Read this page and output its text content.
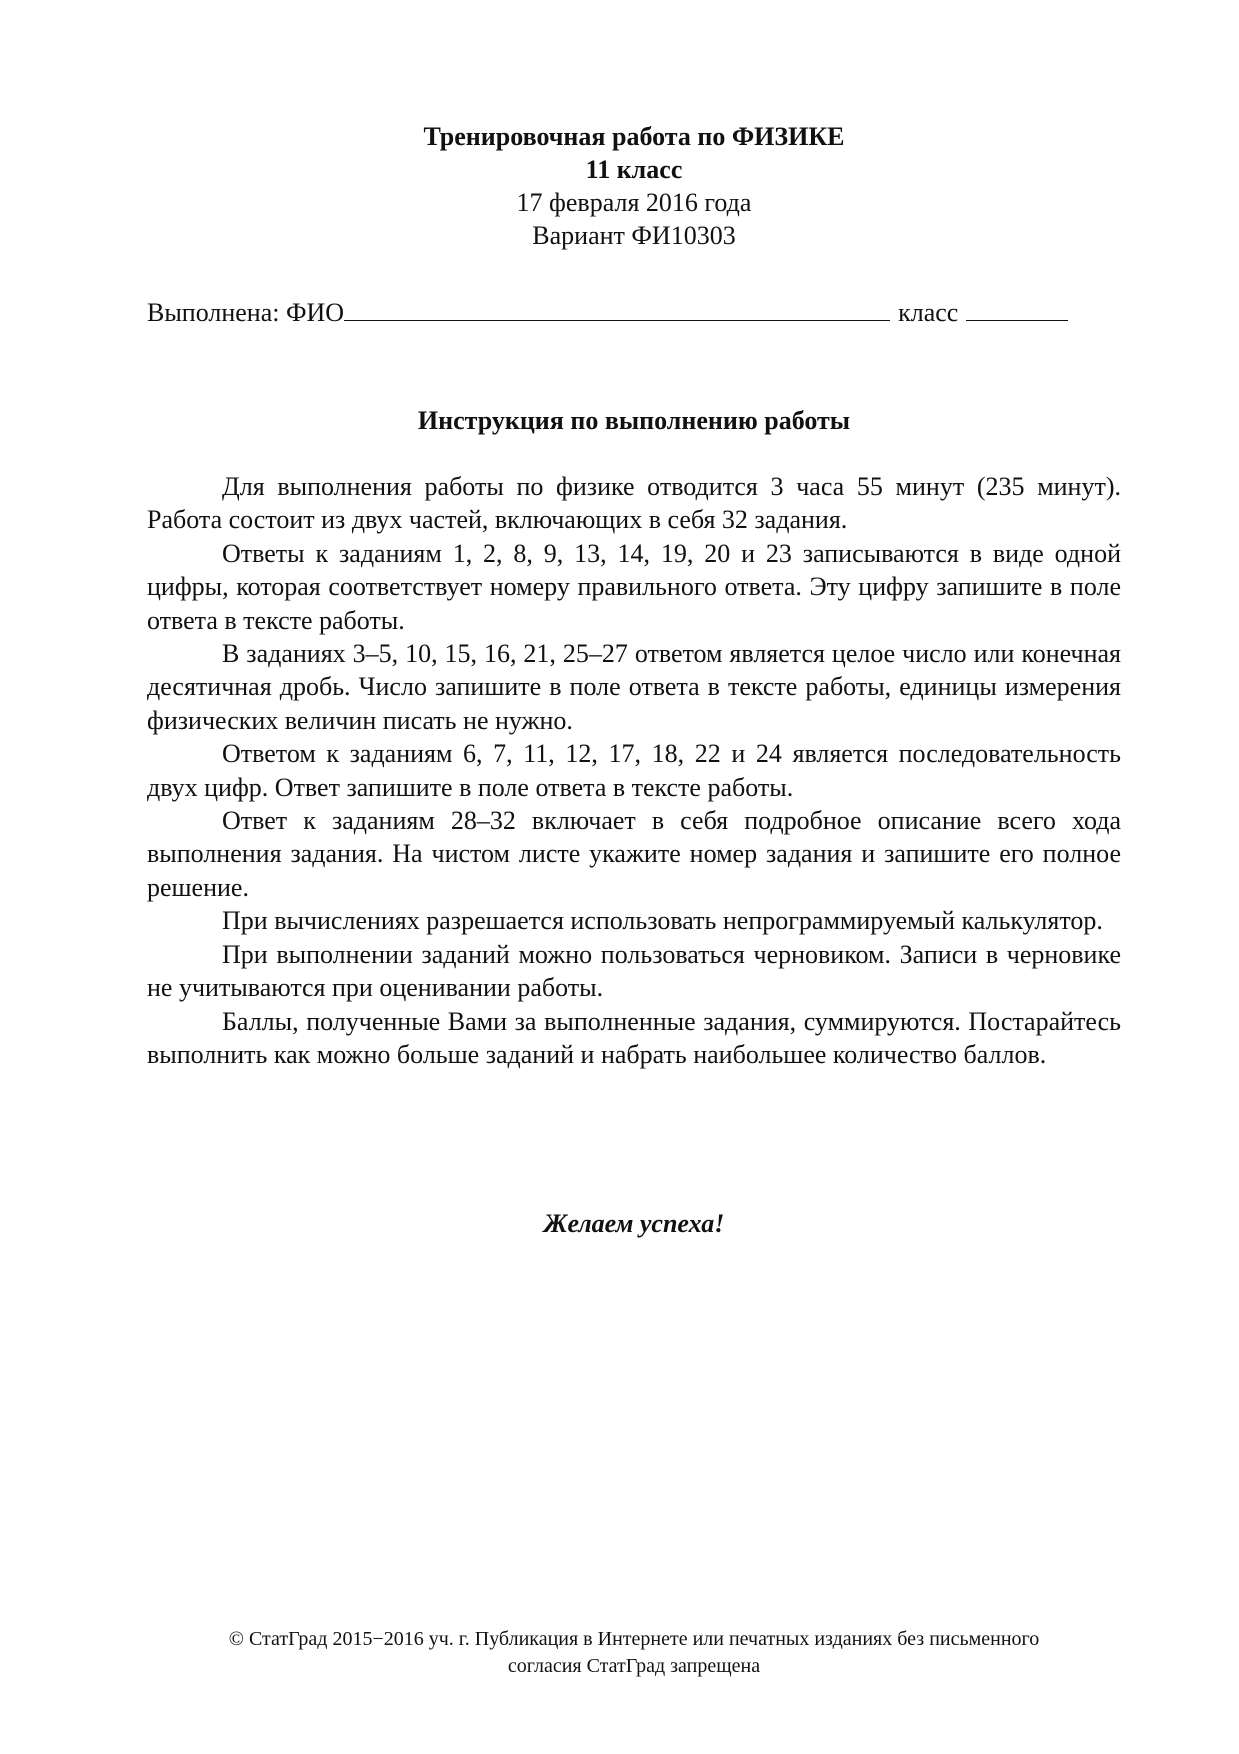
Тренировочная работа по ФИЗИКЕ
11 класс
17 февраля 2016 года
Вариант ФИ10303
Выполнена: ФИО	класс
Инструкция по выполнению работы

Для выполнения работы по физике отводится 3 часа 55 минут (235 минут). Работа состоит из двух частей, включающих в себя 32 задания.

Ответы к заданиям 1, 2, 8, 9, 13, 14, 19, 20 и 23 записываются в виде одной цифры, которая соответствует номеру правильного ответа. Эту цифру запишите в поле ответа в тексте работы.

В заданиях 3–5, 10, 15, 16, 21, 25–27 ответом является целое число или конечная десятичная дробь. Число запишите в поле ответа в тексте работы, единицы измерения физических величин писать не нужно.

Ответом к заданиям 6, 7, 11, 12, 17, 18, 22 и 24 является последовательность двух цифр. Ответ запишите в поле ответа в тексте работы.

Ответ к заданиям 28–32 включает в себя подробное описание всего хода выполнения задания. На чистом листе укажите номер задания и запишите его полное решение.

При вычислениях разрешается использовать непрограммируемый калькулятор.

При выполнении заданий можно пользоваться черновиком. Записи в черновике не учитываются при оценивании работы.

Баллы, полученные Вами за выполненные задания, суммируются. Постарайтесь выполнить как можно больше заданий и набрать наибольшее количество баллов.

Желаем успеха!
© СтатГрад 2015−2016 уч. г. Публикация в Интернете или печатных изданиях без письменного
согласия СтатГрад запрещена
